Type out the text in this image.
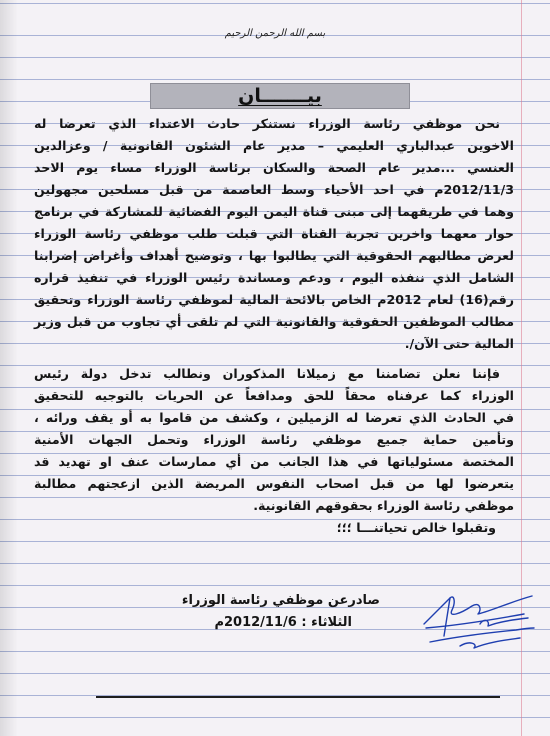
بسم الله الرحمن الرحيم
بيـــــــان
نحن موظفي رئاسة الوزراء نستنكر حادث الاعتداء الذي تعرضا له
الاخوين عبدالباري العليمي – مدير عام الشئون القانونية / وعزالدين
العنسي ...مدير عام الصحة والسكان برئاسة الوزراء مساء يوم الاحد
2012/11/3م في احد الأحياء وسط العاصمة من قبل مسلحين مجهولين
وهما في طريقهما إلى مبنى قناة اليمن اليوم الفضائية للمشاركة في برنامج
حوار معهما واخرين تجربة القناة التي قبلت طلب موظفي رئاسة الوزراء
لعرض مطالبهم الحقوقية التي يطالبوا بها ، وتوضيح أهداف وأغراض إضرابنا
الشامل الذي ننفذه اليوم ، ودعم ومساندة رئيس الوزراء في تنفيذ قراره
رقم(16) لعام 2012م الخاص بالائحة المالية لموظفي رئاسة الوزراء وتحقيق
مطالب الموظفين الحقوقية والقانونية التي لم تلقى أي تجاوب من قبل وزير
المالية حتى الآن/.
فإننا نعلن تضامننا مع زميلانا المذكوران ونطالب تدخل دولة رئيس
الوزراء كما عرفناه محقاً للحق ومدافعاً عن الحريات بالتوجيه للتحقيق
في الحادث الذي تعرضا له الزميلين ، وكشف من قاموا به أو يقف ورائه ،
وتأمين حماية جميع موظفي رئاسة الوزراء وتحمل الجهات الأمنية
المختصة مسئولياتها في هذا الجانب من أي ممارسات عنف او تهديد قد
يتعرضوا لها من قبل اصحاب النفوس المريضة الذين ازعجتهم مطالبة
موظفي رئاسة الوزراء بحقوقهم القانونية.
وتقبلوا خالص تحياتنـــا ؛؛؛
صادرعن موظفي رئاسة الوزراء
الثلاثاء : 2012/11/6م
